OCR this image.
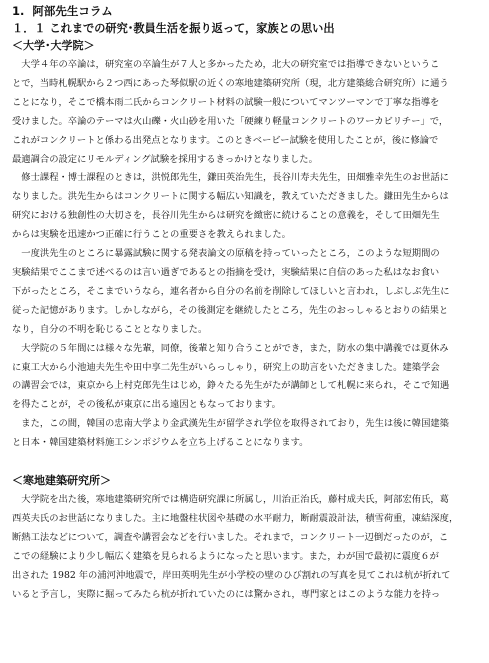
1. 阿部先生コラム
１．１ これまでの研究･教員生活を振り返って，家族との思い出
＜大学･大学院＞
大学４年の卒論は，研究室の卒論生が７人と多かったため，北大の研究室では指導できないというこ
とで，当時札幌駅から２つ西にあった琴似駅の近くの寒地建築研究所（現，北方建築総合研究所）に通う
ことになり，そこで橋本雨二氏からコンクリート材料の試験一般についてマンツーマンで丁寧な指導を
受けました。卒論のテーマは火山礫・火山砂を用いた「硬練り軽量コンクリートのワーカビリチー」で，
これがコンクリートと係わる出発点となります。このときベービー試験を使用したことが，後に修論で
最適調合の設定にリモルディング試験を採用するきっかけとなりました。
修士課程・博士課程のときは，洪悦郎先生，鎌田英治先生，長谷川寿夫先生，田畑雅幸先生のお世話に
なりました。洪先生からはコンクリートに関する幅広い知識を，教えていただきました。鎌田先生からは
研究における独創性の大切さを，長谷川先生からは研究を緻密に続けることの意義を，そして田畑先生
からは実験を迅速かつ正確に行うことの重要さを教えられました。
一度洪先生のところに暴露試験に関する発表論文の原稿を持っていったところ，このような短期間の
実験結果でここまで述べるのは言い過ぎであるとの指摘を受け，実験結果に自信のあった私はなお食い
下がったところ，そこまでいうなら，連名者から自分の名前を削除してほしいと言われ，しぶしぶ先生に
従った記憶があります。しかしながら，その後測定を継続したところ，先生のおっしゃるとおりの結果と
なり，自分の不明を恥じることとなりました。
大学院の５年間には様々な先輩，同僚，後輩と知り合うことができ，また，防水の集中講義では夏休み
に東工大から小池迪夫先生や田中享二先生がいらっしゃり，研究上の助言をいただきました。建築学会
の講習会では，東京から上村克郎先生はじめ，錚々たる先生がたが講師として札幌に来られ，そこで知遇
を得たことが，その後私が東京に出る遠因ともなっております。
また，この間，韓国の忠南大学より金武漢先生が留学され学位を取得されており，先生は後に韓国建築
と日本・韓国建築材料施工シンポジウムを立ち上げることになります。
＜寒地建築研究所＞
大学院を出た後，寒地建築研究所では構造研究課に所属し，川治正治氏，藤村成夫氏，阿部宏侑氏，葛
西英夫氏のお世話になりました。主に地盤柱状図や基礎の水平耐力，断耐震設計法，積雪荷重，凍結深度，
断熱工法などについて，調査や講習会などを行いました。それまで，コンクリート一辺倒だったのが，こ
こでの経験により少し幅広く建築を見られるようになったと思います。また，わが国で最初に震度６が
出された 1982 年の浦河沖地震で，岸田英明先生が小学校の壁のひび割れの写真を見てこれは杭が折れて
いると予言し，実際に掘ってみたら杭が折れていたのには驚かされ，専門家とはこのような能力を持っ
